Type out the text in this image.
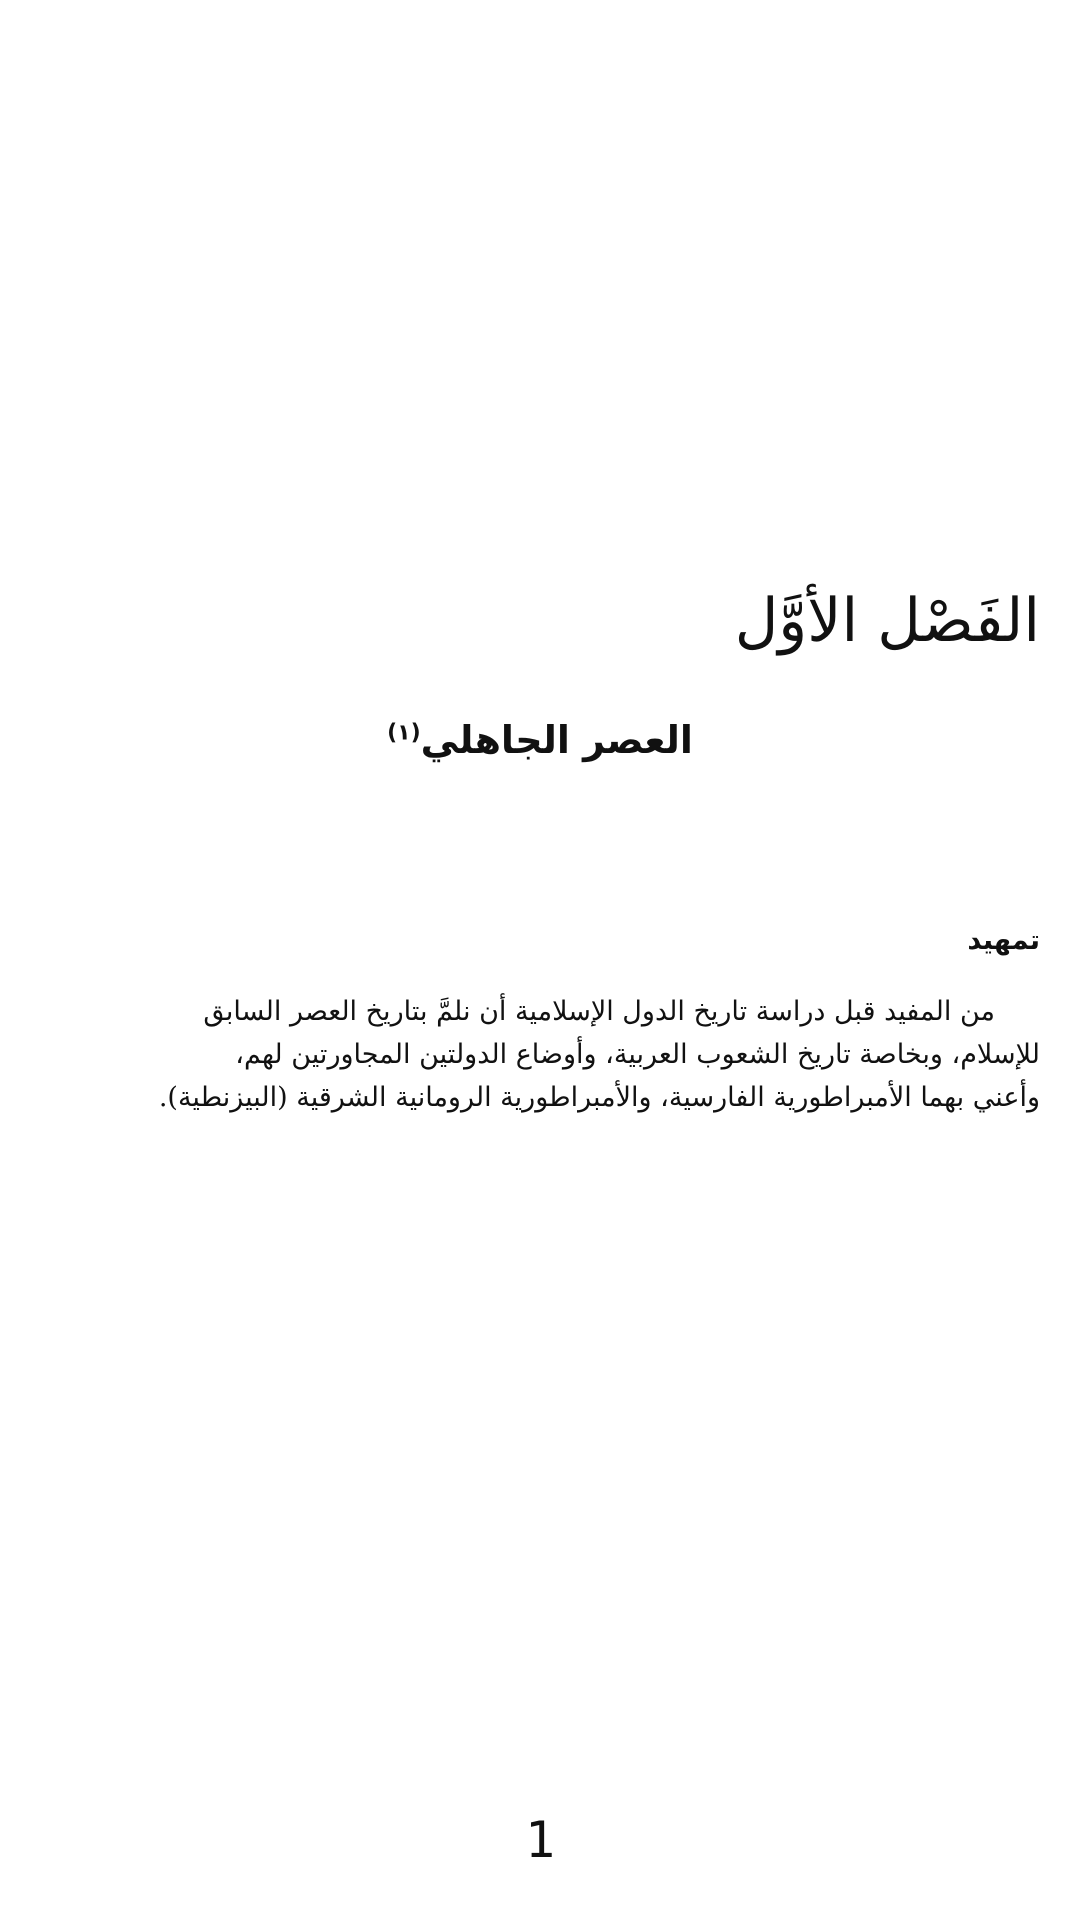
الفَصْل الأوَّل
العصر الجاهلي$^{(١)}$
تمهيد
من المفيد قبل دراسة تاريخ الدول الإسلامية أن نلمَّ بتاريخ العصر السابق
للإسلام، وبخاصة تاريخ الشعوب العربية، وأوضاع الدولتين المجاورتين لهم،
وأعني بهما الأمبراطورية الفارسية، والأمبراطورية الرومانية الشرقية (البيزنطية).
1
